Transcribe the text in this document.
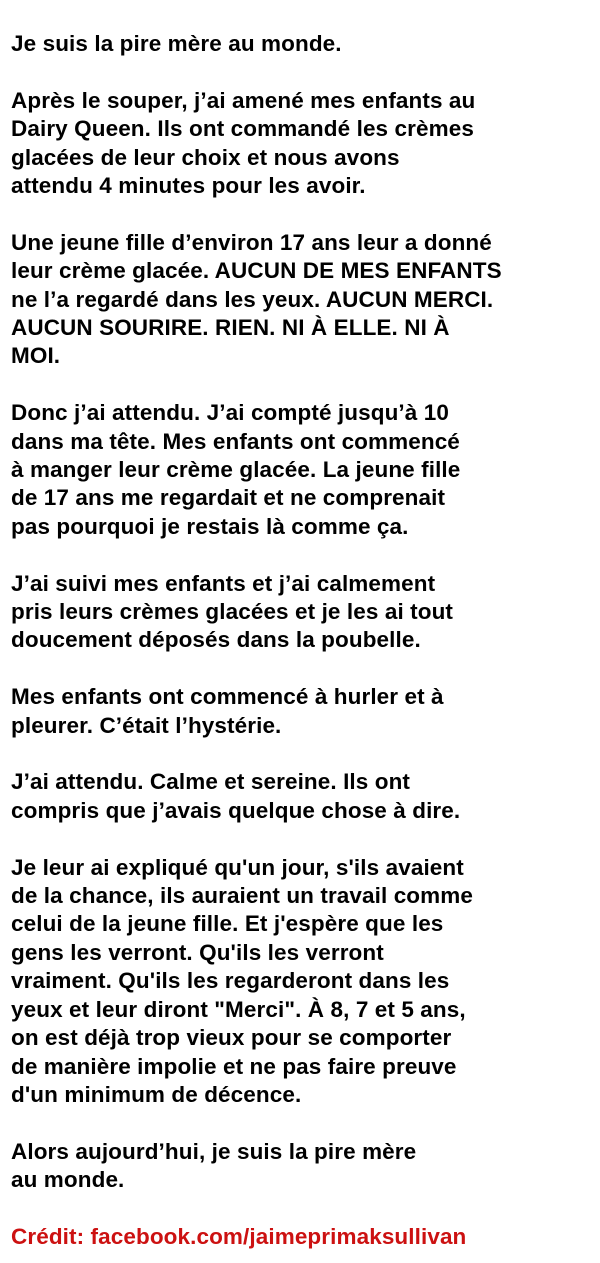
Je suis la pire mère au monde.

Après le souper, j’ai amené mes enfants au
Dairy Queen. Ils ont commandé les crèmes
glacées de leur choix et nous avons
attendu 4 minutes pour les avoir.

Une jeune fille d’environ 17 ans leur a donné
leur crème glacée. AUCUN DE MES ENFANTS
ne l’a regardé dans les yeux. AUCUN MERCI.
AUCUN SOURIRE. RIEN. NI À ELLE. NI À
MOI.

Donc j’ai attendu. J’ai compté jusqu’à 10
dans ma tête. Mes enfants ont commencé
à manger leur crème glacée. La jeune fille
de 17 ans me regardait et ne comprenait
pas pourquoi je restais là comme ça.

J’ai suivi mes enfants et j’ai calmement
pris leurs crèmes glacées et je les ai tout
doucement déposés dans la poubelle.

Mes enfants ont commencé à hurler et à
pleurer. C’était l’hystérie.

J’ai attendu. Calme et sereine. Ils ont
compris que j’avais quelque chose à dire.

Je leur ai expliqué qu'un jour, s'ils avaient
de la chance, ils auraient un travail comme
celui de la jeune fille. Et j'espère que les
gens les verront. Qu'ils les verront
vraiment. Qu'ils les regarderont dans les
yeux et leur diront "Merci". À 8, 7 et 5 ans,
on est déjà trop vieux pour se comporter
de manière impolie et ne pas faire preuve
d'un minimum de décence.

Alors aujourd’hui, je suis la pire mère
au monde.

Crédit: facebook.com/jaimeprimaksullivan
